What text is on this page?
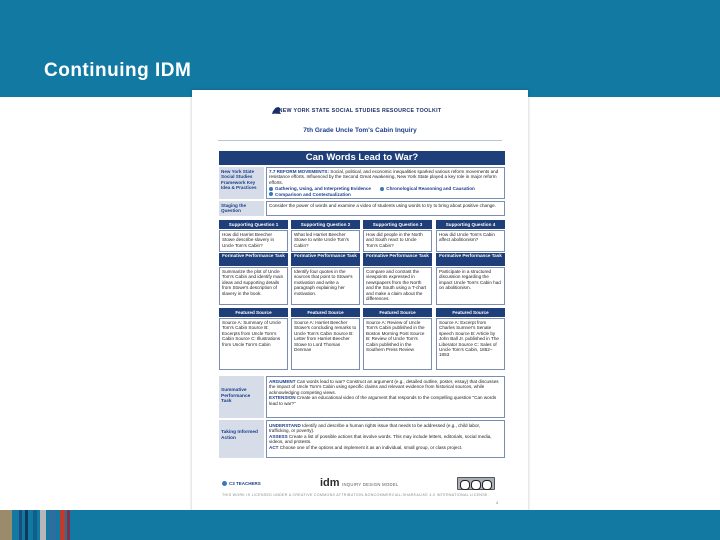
Continuing IDM
NEW YORK STATE SOCIAL STUDIES RESOURCE TOOLKIT
7th Grade Uncle Tom's Cabin Inquiry
Can Words Lead to War?
New York State Social Studies Framework Key Idea & Practices
7.7 REFORM MOVEMENTS: Social, political, and economic inequalities sparked various reform movements and resistance efforts. Influenced by the Second Great Awakening, New York State played a key role in major reform efforts.
Gathering, Using, and Interpreting Evidence	Chronological Reasoning and Causation Comparison and Contextualization
Staging the Question
Consider the power of words and examine a video of students using words to try to bring about positive change.
Supporting Question 1
How did Harriet Beecher Stowe describe slavery in Uncle Tom's Cabin?
Formative Performance Task
Summarize the plot of Uncle Tom's Cabin and identify main ideas and supporting details from Stowe's description of slavery in the book.
Featured Source
Source A: Summary of Uncle Tom's Cabin Source B: Excerpts from Uncle Tom's Cabin Source C: Illustrations from Uncle Tom's Cabin
Supporting Question 2
What led Harriet Beecher Stowe to write Uncle Tom's Cabin?
Formative Performance Task
Identify four quotes in the sources that point to Stowe's motivation and write a paragraph explaining her motivation.
Featured Source
Source A: Harriet Beecher Stowe's concluding remarks to Uncle Tom's Cabin Source B: Letter from Harriet Beecher Stowe to Lord Thomas Denman
Supporting Question 3
How did people in the North and South react to Uncle Tom's Cabin?
Formative Performance Task
Compare and contrast the viewpoints expressed in newspapers from the North and the South using a T-chart and make a claim about the differences.
Featured Source
Source A: Review of Uncle Tom's Cabin published in the Boston Morning Post Source B: Review of Uncle Tom's Cabin published in the Southern Press Review
Supporting Question 4
How did Uncle Tom's Cabin affect abolitionism?
Formative Performance Task
Participate in a structured discussion regarding the impact Uncle Tom's Cabin had on abolitionism.
Featured Source
Source A: Excerpt from Charles Sumner's Senate speech Source B: Article by John Ball Jr. published in The Liberator Source C: Sales of Uncle Tom's Cabin, 1852–1853
Summative Performance Task
ARGUMENT Can words lead to war? Construct an argument (e.g., detailed outline, poster, essay) that discusses the impact of Uncle Tom's Cabin using specific claims and relevant evidence from historical sources, while acknowledging competing views.
EXTENSION Create an educational video of the argument that responds to the compelling question "Can words lead to war?"
Taking Informed Action
UNDERSTAND Identify and describe a human rights issue that needs to be addressed (e.g., child labor, trafficking, or poverty).
ASSESS Create a list of possible actions that involve words. This may include letters, editorials, social media, videos, and protests.
ACT Choose one of the options and implement it as an individual, small group, or class project.
C3 TEACHERS	idm INQUIRY DESIGN MODEL
THIS WORK IS LICENSED UNDER A CREATIVE COMMONS ATTRIBUTION-NONCOMMERCIAL-SHAREALIKE 4.0 INTERNATIONAL LICENSE.
4
